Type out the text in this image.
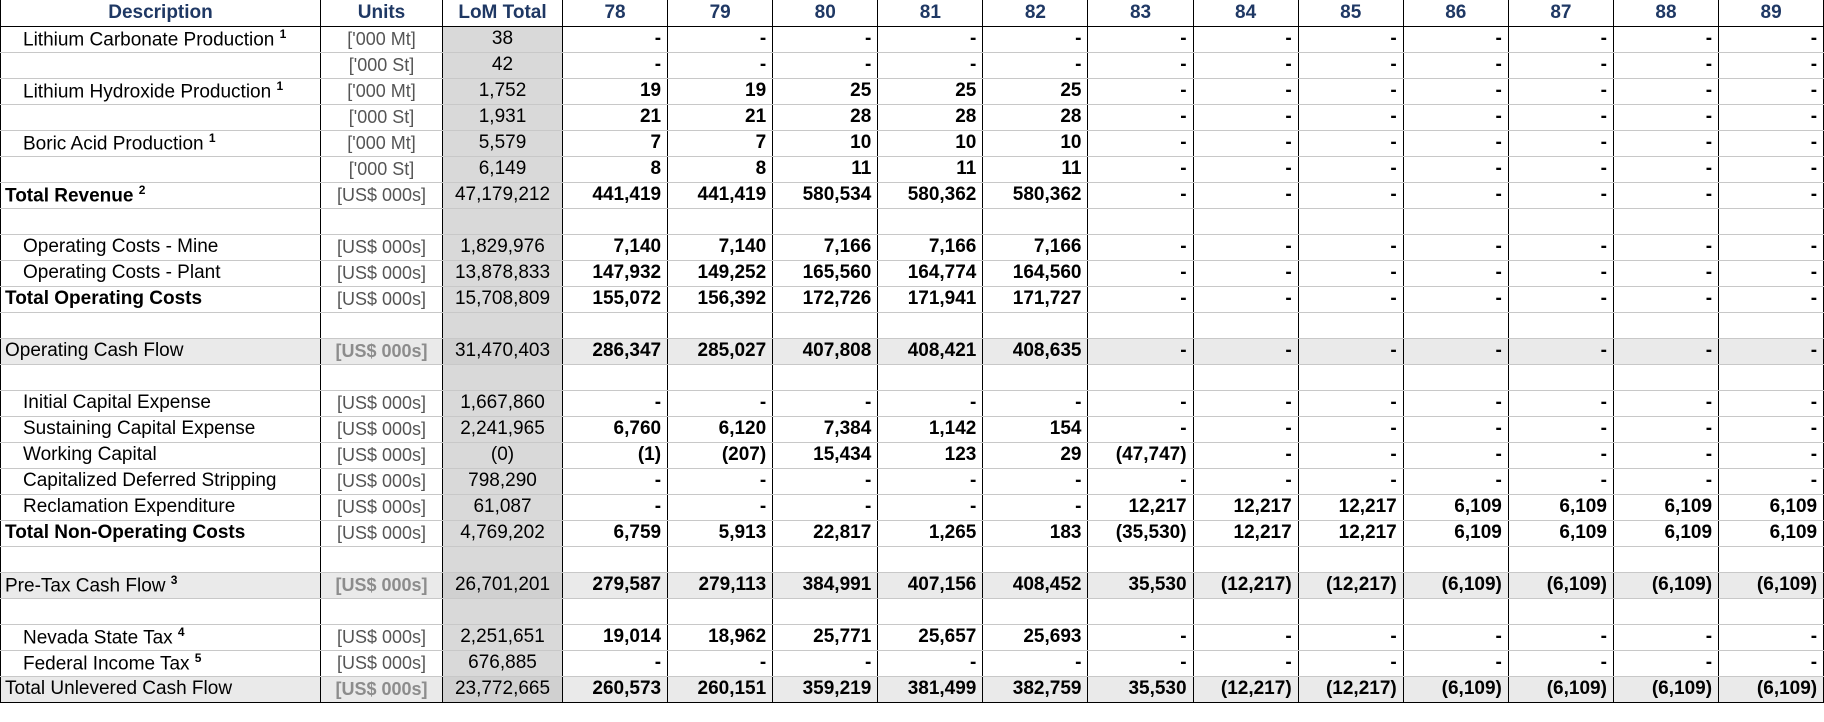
Description	Units	LoM Total	78	79	80	81	82	83	84	85	86	87	88	89
Lithium Carbonate Production $^1$	['000 Mt]	38	-	-	-	-	-	-	-	-	-	-	-	-
	['000 St]	42	-	-	-	-	-	-	-	-	-	-	-	-
Lithium Hydroxide Production $^1$	['000 Mt]	1,752	19	19	25	25	25	-	-	-	-	-	-	-
	['000 St]	1,931	21	21	28	28	28	-	-	-	-	-	-	-
Boric Acid Production $^1$	['000 Mt]	5,579	7	7	10	10	10	-	-	-	-	-	-	-
	['000 St]	6,149	8	8	11	11	11	-	-	-	-	-	-	-
Total Revenue $^2$	[US$ 000s]	47,179,212	441,419	441,419	580,534	580,362	580,362	-	-	-	-	-	-	-

Operating Costs - Mine	[US$ 000s]	1,829,976	7,140	7,140	7,166	7,166	7,166	-	-	-	-	-	-	-
Operating Costs - Plant	[US$ 000s]	13,878,833	147,932	149,252	165,560	164,774	164,560	-	-	-	-	-	-	-
Total Operating Costs	[US$ 000s]	15,708,809	155,072	156,392	172,726	171,941	171,727	-	-	-	-	-	-	-

Operating Cash Flow	[US$ 000s]	31,470,403	286,347	285,027	407,808	408,421	408,635	-	-	-	-	-	-	-

Initial Capital Expense	[US$ 000s]	1,667,860	-	-	-	-	-	-	-	-	-	-	-	-
Sustaining Capital Expense	[US$ 000s]	2,241,965	6,760	6,120	7,384	1,142	154	-	-	-	-	-	-	-
Working Capital	[US$ 000s]	(0)	(1)	(207)	15,434	123	29	(47,747)	-	-	-	-	-	-
Capitalized Deferred Stripping	[US$ 000s]	798,290	-	-	-	-	-	-	-	-	-	-	-	-
Reclamation Expenditure	[US$ 000s]	61,087	-	-	-	-	-	12,217	12,217	12,217	6,109	6,109	6,109	6,109
Total Non-Operating Costs	[US$ 000s]	4,769,202	6,759	5,913	22,817	1,265	183	(35,530)	12,217	12,217	6,109	6,109	6,109	6,109

Pre-Tax Cash Flow $^3$	[US$ 000s]	26,701,201	279,587	279,113	384,991	407,156	408,452	35,530	(12,217)	(12,217)	(6,109)	(6,109)	(6,109)	(6,109)

Nevada State Tax $^4$	[US$ 000s]	2,251,651	19,014	18,962	25,771	25,657	25,693	-	-	-	-	-	-	-
Federal Income Tax $^5$	[US$ 000s]	676,885	-	-	-	-	-	-	-	-	-	-	-	-
Total Unlevered Cash Flow	[US$ 000s]	23,772,665	260,573	260,151	359,219	381,499	382,759	35,530	(12,217)	(12,217)	(6,109)	(6,109)	(6,109)	(6,109)
